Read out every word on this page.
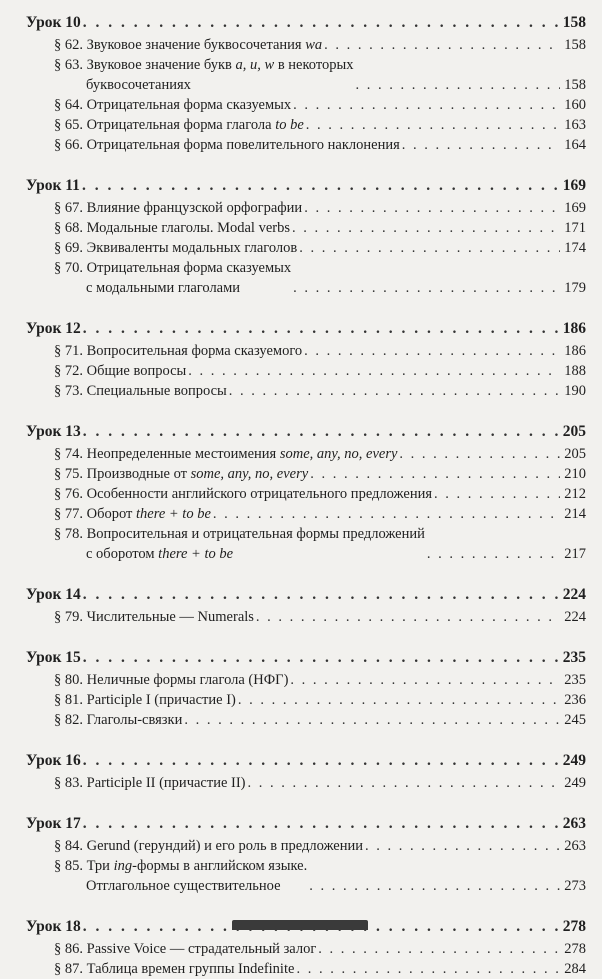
Урок 10 . . .	158
§ 62. Звуковое значение буквосочетания wa . . .	158
§ 63. Звуковое значение букв a, u, w в некоторых
буквосочетаниях . . .	158
§ 64. Отрицательная форма сказуемых . . .	160
§ 65. Отрицательная форма глагола to be . . .	163
§ 66. Отрицательная форма повелительного наклонения . . .	164
Урок 11 . . .	169
§ 67. Влияние французской орфографии . . .	169
§ 68. Модальные глаголы. Modal verbs . . .	171
§ 69. Эквиваленты модальных глаголов . . .	174
§ 70. Отрицательная форма сказуемых
с модальными глаголами . . .	179
Урок 12 . . .	186
§ 71. Вопросительная форма сказуемого . . .	186
§ 72. Общие вопросы . . .	188
§ 73. Специальные вопросы . . .	190
Урок 13 . . .	205
§ 74. Неопределенные местоимения some, any, no, every . . .	205
§ 75. Производные от some, any, no, every . . .	210
§ 76. Особенности английского отрицательного предложения . . .	212
§ 77. Оборот there + to be . . .	214
§ 78. Вопросительная и отрицательная формы предложений
с оборотом there + to be . . .	217
Урок 14 . . .	224
§ 79. Числительные — Numerals . . .	224
Урок 15 . . .	235
§ 80. Неличные формы глагола (НФГ) . . .	235
§ 81. Participle I (причастие I) . . .	236
§ 82. Глаголы-связки . . .	245
Урок 16 . . .	249
§ 83. Participle II (причастие II) . . .	249
Урок 17 . . .	263
§ 84. Gerund (герундий) и его роль в предложении . . .	263
§ 85. Три ing-формы в английском языке.
Отглагольное существительное . . .	273
Урок 18 . . .	278
§ 86. Passive Voice — страдательный залог . . .	278
§ 87. Таблица времен группы Indefinite . . .	284
